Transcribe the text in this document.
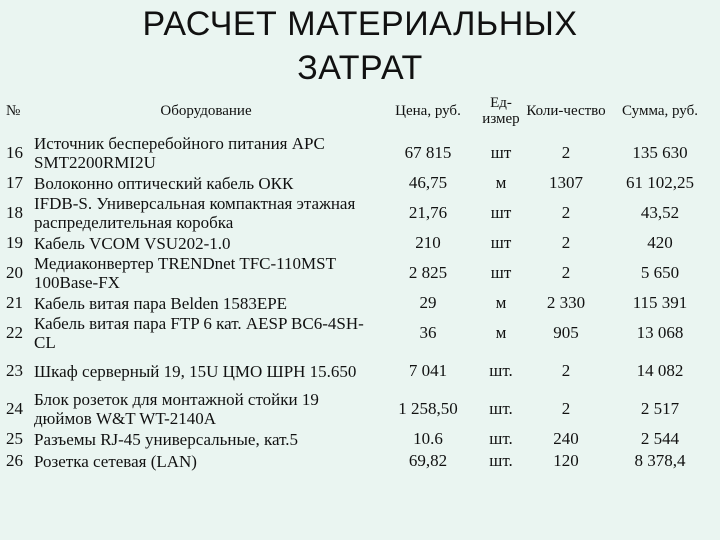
РАСЧЕТ МАТЕРИАЛЬНЫХ
ЗАТРАТ
№	Оборудование	Цена, руб.	Ед-измер	Коли-чество	Сумма, руб.
16	Источник бесперебойного питания APC SMT2200RMI2U	67 815	шт	2	135 630
17	Волоконно оптический кабель ОКК	46,75	м	1307	61 102,25
18	IFDB-S. Универсальная компактная этажная распределительная коробка	21,76	шт	2	43,52
19	Кабель VCOM VSU202-1.0	210	шт	2	420
20	Медиаконвертер TRENDnet TFC-110MST 100Base-FX	2 825	шт	2	5 650
21	Кабель витая пара Belden 1583EPE	29	м	2 330	115 391
22	Кабель витая пара FTP 6 кат. AESP BC6-4SH-CL	36	м	905	13 068
23	Шкаф серверный 19, 15U ЦМО ШРН 15.650	7 041	шт.	2	14 082
24	Блок розеток для монтажной стойки 19 дюймов W&T WT-2140A	1 258,50	шт.	2	2 517
25	Разъемы RJ-45 универсальные, кат.5	10.6	шт.	240	2 544
26	Розетка сетевая (LAN)	69,82	шт.	120	8 378,4
